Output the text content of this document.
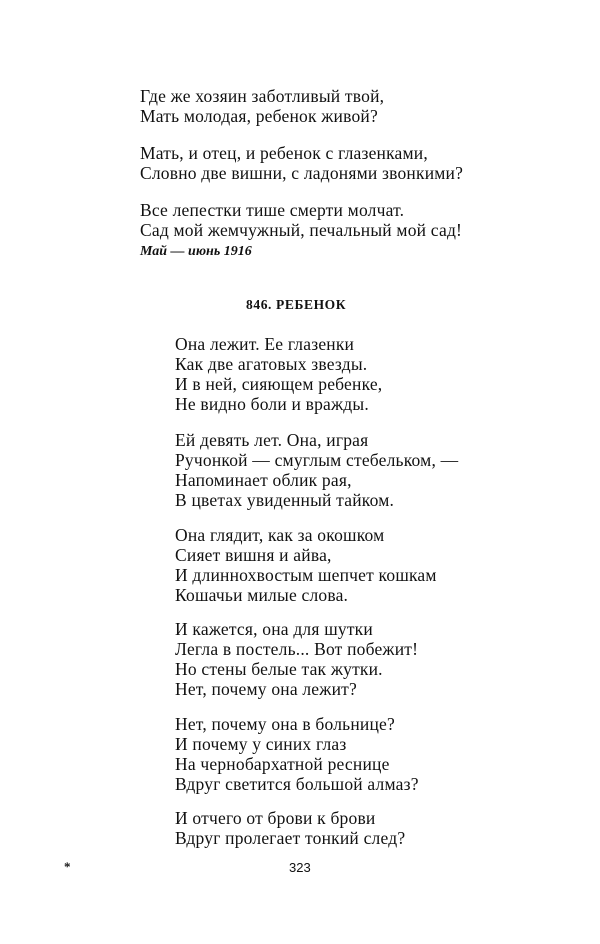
Где же хозяин заботливый твой,
Мать молодая, ребенок живой?
Мать, и отец, и ребенок с глазенками,
Словно две вишни, с ладонями звонкими?
Все лепестки тише смерти молчат.
Сад мой жемчужный, печальный мой сад!
Май — июнь 1916
846. РЕБЕНОК
Она лежит. Ее глазенки
Как две агатовых звезды.
И в ней, сияющем ребенке,
Не видно боли и вражды.
Ей девять лет. Она, играя
Ручонкой — смуглым стебельком, —
Напоминает облик рая,
В цветах увиденный тайком.
Она глядит, как за окошком
Сияет вишня и айва,
И длиннохвостым шепчет кошкам
Кошачьи милые слова.
И кажется, она для шутки
Легла в постель... Вот побежит!
Но стены белые так жутки.
Нет, почему она лежит?
Нет, почему она в больнице?
И почему у синих глаз
На чернобархатной реснице
Вдруг светится большой алмаз?
И отчего от брови к брови
Вдруг пролегает тонкий след?
*	323
